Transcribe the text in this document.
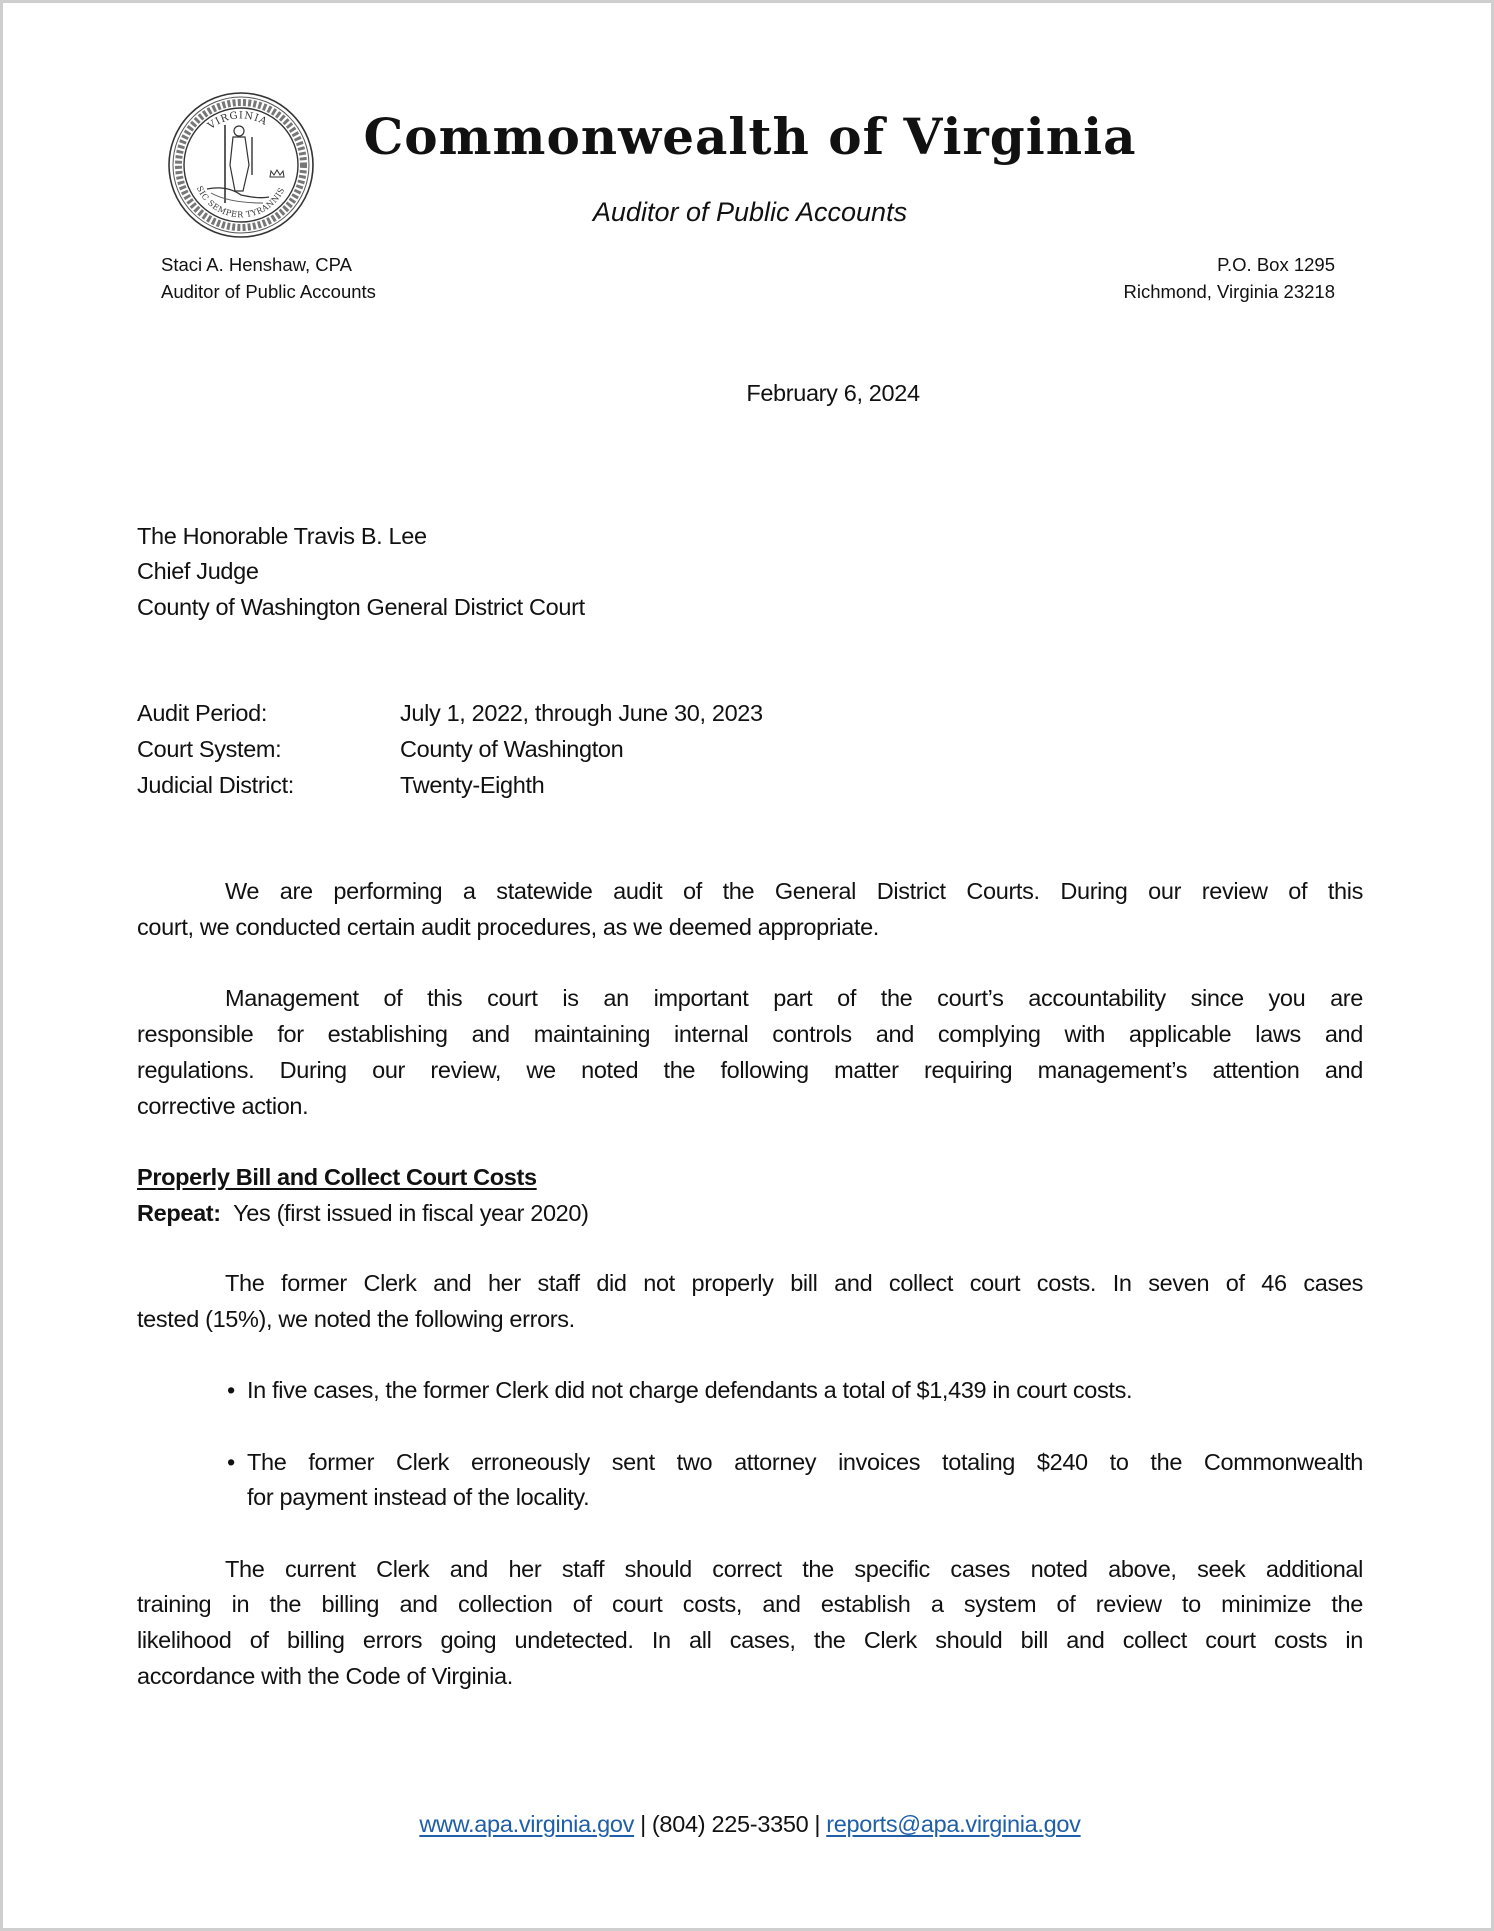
VIRGINIA
SIC SEMPER TYRANNIS
Commonwealth of Virginia
Auditor of Public Accounts
Staci A. Henshaw, CPA
Auditor of Public Accounts
P.O. Box 1295
Richmond, Virginia 23218
February 6, 2024
The Honorable Travis B. Lee
Chief Judge
County of Washington General District Court
Audit Period:	July 1, 2022, through June 30, 2023
Court System:	County of Washington
Judicial District:	Twenty-Eighth
We are performing a statewide audit of the General District Courts. During our review of this
court, we conducted certain audit procedures, as we deemed appropriate.
Management of this court is an important part of the court’s accountability since you are
responsible for establishing and maintaining internal controls and complying with applicable laws and
regulations. During our review, we noted the following matter requiring management’s attention and
corrective action.
Properly Bill and Collect Court Costs
Repeat: Yes (first issued in fiscal year 2020)
The former Clerk and her staff did not properly bill and collect court costs. In seven of 46 cases
tested (15%), we noted the following errors.
• In five cases, the former Clerk did not charge defendants a total of $1,439 in court costs.
• The former Clerk erroneously sent two attorney invoices totaling $240 to the Commonwealth
for payment instead of the locality.
The current Clerk and her staff should correct the specific cases noted above, seek additional
training in the billing and collection of court costs, and establish a system of review to minimize the
likelihood of billing errors going undetected. In all cases, the Clerk should bill and collect court costs in
accordance with the Code of Virginia.
www.apa.virginia.gov | (804) 225-3350 | reports@apa.virginia.gov
